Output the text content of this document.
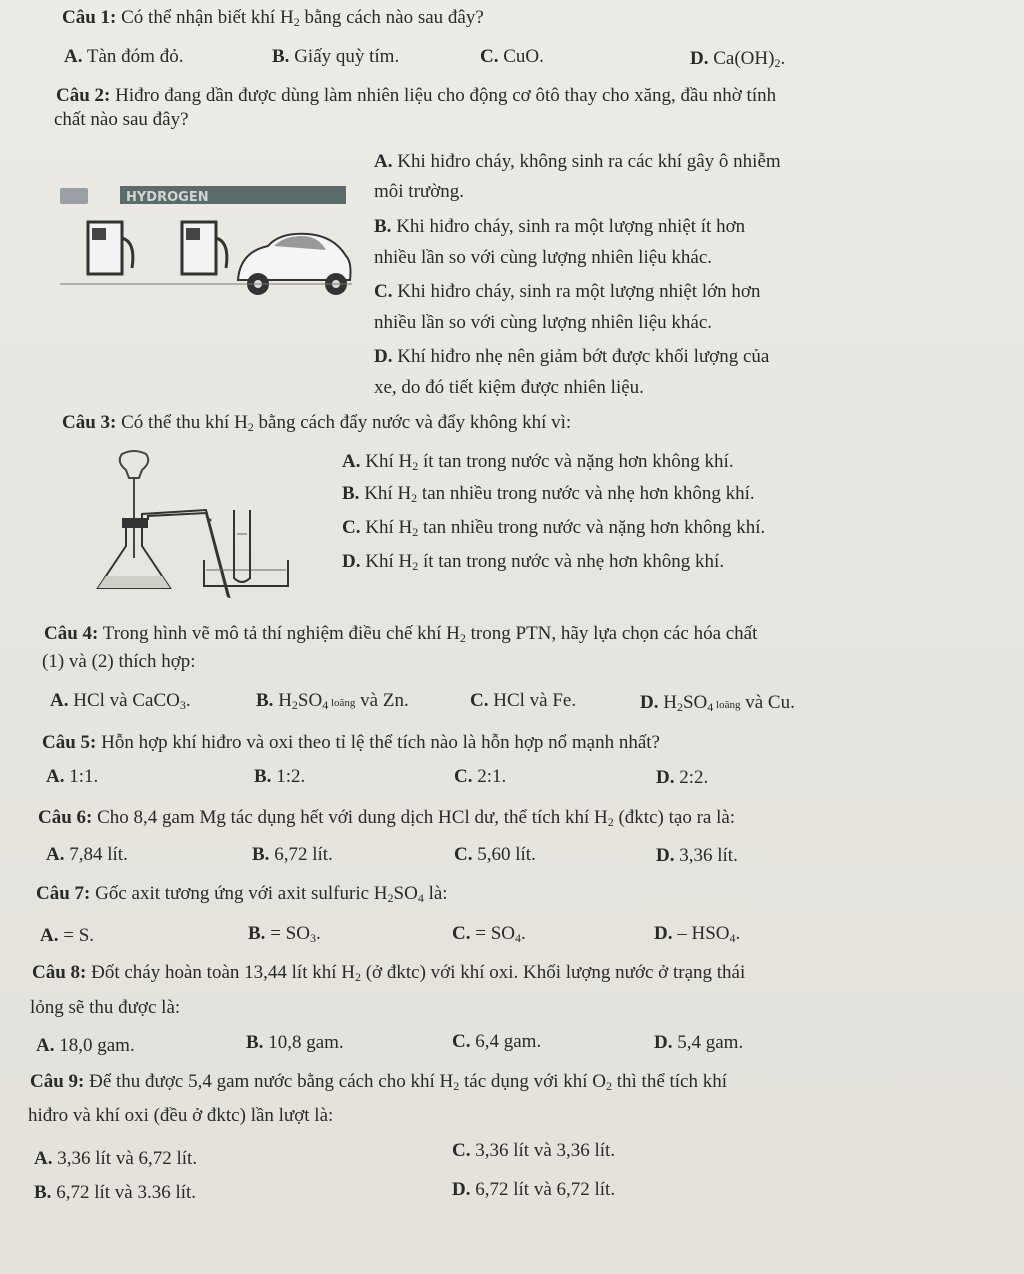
Câu 1: Có thể nhận biết khí $H_2$ bằng cách nào sau đây?
A. Tàn đóm đỏ.	B. Giấy quỳ tím.	C. CuO.	D. $Ca(OH)_2$.
Câu 2: Hiđro đang dần được dùng làm nhiên liệu cho động cơ ôtô thay cho xăng, đầu nhờ tính
chất nào sau đây?
HYDROGEN
A. Khi hiđro cháy, không sinh ra các khí gây ô nhiễm
môi trường.
B. Khi hiđro cháy, sinh ra một lượng nhiệt ít hơn
nhiều lần so với cùng lượng nhiên liệu khác.
C. Khi hiđro cháy, sinh ra một lượng nhiệt lớn hơn
nhiều lần so với cùng lượng nhiên liệu khác.
D. Khí hiđro nhẹ nên giảm bớt được khối lượng của
xe, do đó tiết kiệm được nhiên liệu.
Câu 3: Có thể thu khí $H_2$ bằng cách đẩy nước và đẩy không khí vì:
A. Khí $H_2$ ít tan trong nước và nặng hơn không khí.
B. Khí $H_2$ tan nhiều trong nước và nhẹ hơn không khí.
C. Khí $H_2$ tan nhiều trong nước và nặng hơn không khí.
D. Khí $H_2$ ít tan trong nước và nhẹ hơn không khí.
Câu 4: Trong hình vẽ mô tả thí nghiệm điều chế khí $H_2$ trong PTN, hãy lựa chọn các hóa chất
(1) và (2) thích hợp:
A. HCl và CaCO$_3$.	B. $H_2SO_4$ loãng và Zn.	C. HCl và Fe.	D. $H_2SO_4$ loãng và Cu.
Câu 5: Hỗn hợp khí hiđro và oxi theo tỉ lệ thể tích nào là hỗn hợp nổ mạnh nhất?
A. 1:1.	B. 1:2.	C. 2:1.	D. 2:2.
Câu 6: Cho 8,4 gam Mg tác dụng hết với dung dịch HCl dư, thể tích khí $H_2$ (đktc) tạo ra là:
A. 7,84 lít.	B. 6,72 lít.	C. 5,60 lít.	D. 3,36 lít.
Câu 7: Gốc axit tương ứng với axit sulfuric $H_2SO_4$ là:
A. = S.	B. = $SO_3$.	C. = $SO_4$.	D. – $HSO_4$.
Câu 8: Đốt cháy hoàn toàn 13,44 lít khí $H_2$ (ở đktc) với khí oxi. Khối lượng nước ở trạng thái
lỏng sẽ thu được là:
A. 18,0 gam.	B. 10,8 gam.	C. 6,4 gam.	D. 5,4 gam.
Câu 9: Để thu được 5,4 gam nước bằng cách cho khí $H_2$ tác dụng với khí $O_2$ thì thể tích khí
hiđro và khí oxi (đều ở đktc) lần lượt là:
A. 3,36 lít và 6,72 lít.	C. 3,36 lít và 3,36 lít.
B. 6,72 lít và 3.36 lít.	D. 6,72 lít và 6,72 lít.
